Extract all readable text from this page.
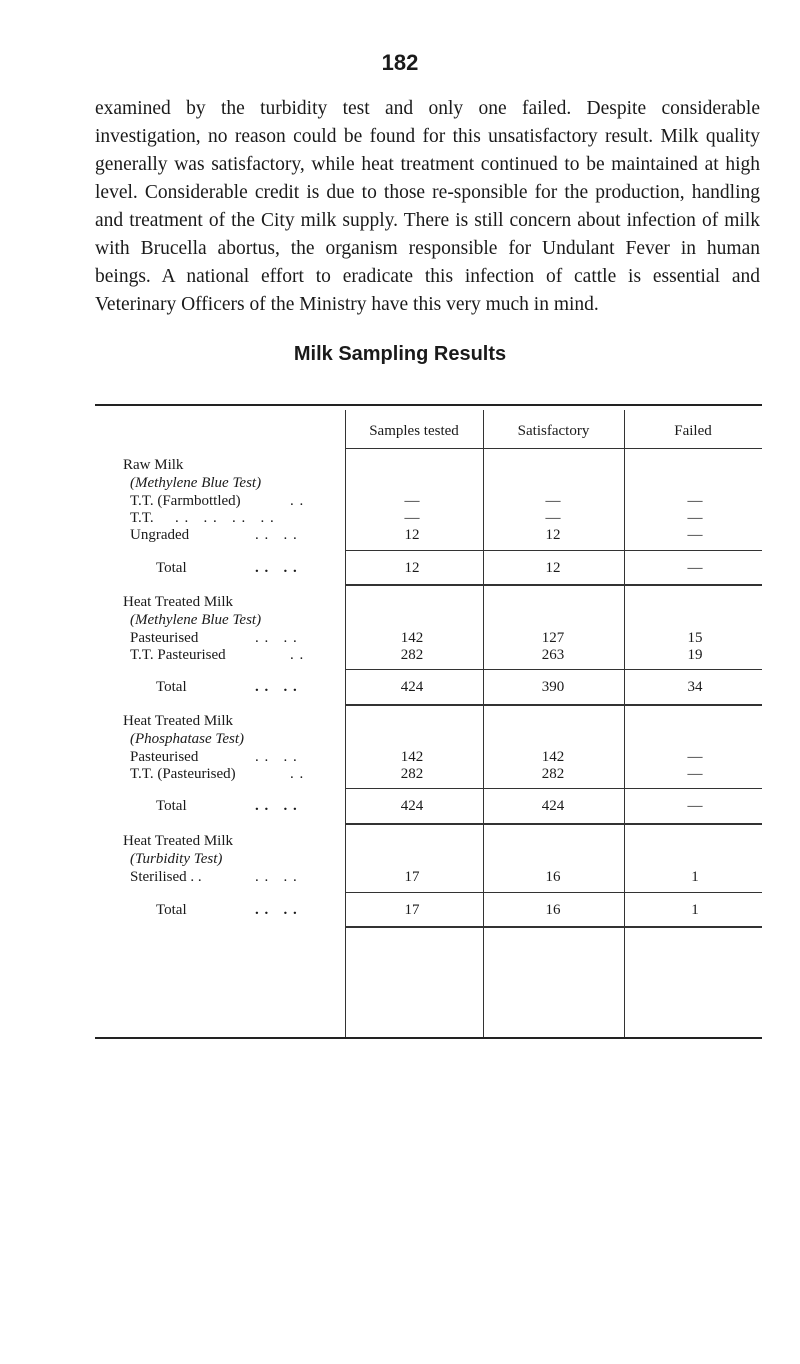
182
examined by the turbidity test and only one failed. Despite considerable investigation, no reason could be found for this unsatisfactory result. Milk quality generally was satisfactory, while heat treatment continued to be maintained at high level. Considerable credit is due to those re-sponsible for the production, handling and treatment of the City milk supply. There is still concern about infection of milk with Brucella abortus, the organism responsible for Undulant Fever in human beings. A national effort to eradicate this infection of cattle is essential and Veterinary Officers of the Ministry have this very much in mind.
Milk Sampling Results
Samples tested	Satisfactory	Failed
Raw Milk
(Methylene Blue Test)
T.T. (Farmbottled)	. .	—	—	—
T.T. . .   . .   . .   . .	—	—	—
Ungraded	. .   . .	12	12	—
Total	. .   . .	12	12	—
Heat Treated Milk
(Methylene Blue Test)
Pasteurised	. .   . .	142	127	15
T.T. Pasteurised	. .	282	263	19
Total	. .   . .	424	390	34
Heat Treated Milk
(Phosphatase Test)
Pasteurised	. .   . .	142	142	—
T.T. (Pasteurised)	. .	282	282	—
Total	. .   . .	424	424	—
Heat Treated Milk
(Turbidity Test)
Sterilised . .	. .   . .	17	16	1
Total	. .   . .	17	16	1
